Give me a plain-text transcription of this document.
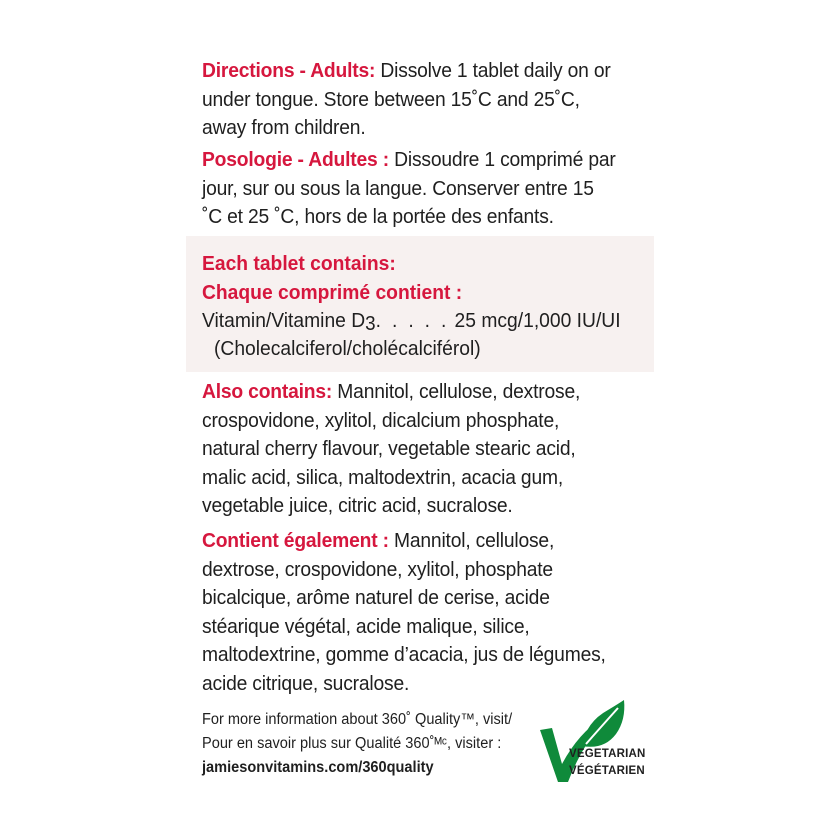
Directions - Adults: Dissolve 1 tablet daily on or under tongue. Store between 15˚C and 25˚C, away from children.
Posologie - Adultes : Dissoudre 1 comprimé par jour, sur ou sous la langue. Conserver entre 15 ˚C et 25 ˚C, hors de la portée des enfants.
Each tablet contains:
Chaque comprimé contient :
Vitamin/Vitamine D3. . . . . 25 mcg/1,000 IU/UI
(Cholecalciferol/cholécalciférol)
Also contains: Mannitol, cellulose, dextrose, crospovidone, xylitol, dicalcium phosphate, natural cherry flavour, vegetable stearic acid, malic acid, silica, maltodextrin, acacia gum, vegetable juice, citric acid, sucralose.
Contient également : Mannitol, cellulose, dextrose, crospovidone, xylitol, phosphate bicalcique, arôme naturel de cerise, acide stéarique végétal, acide malique, silice, maltodextrine, gomme d’acacia, jus de légumes, acide citrique, sucralose.
For more information about 360˚ Quality™, visit/
Pour en savoir plus sur Qualité 360˚ᴹᶜ, visiter :
jamiesonvitamins.com/360quality
VEGETARIAN
VÉGÉTARIEN
